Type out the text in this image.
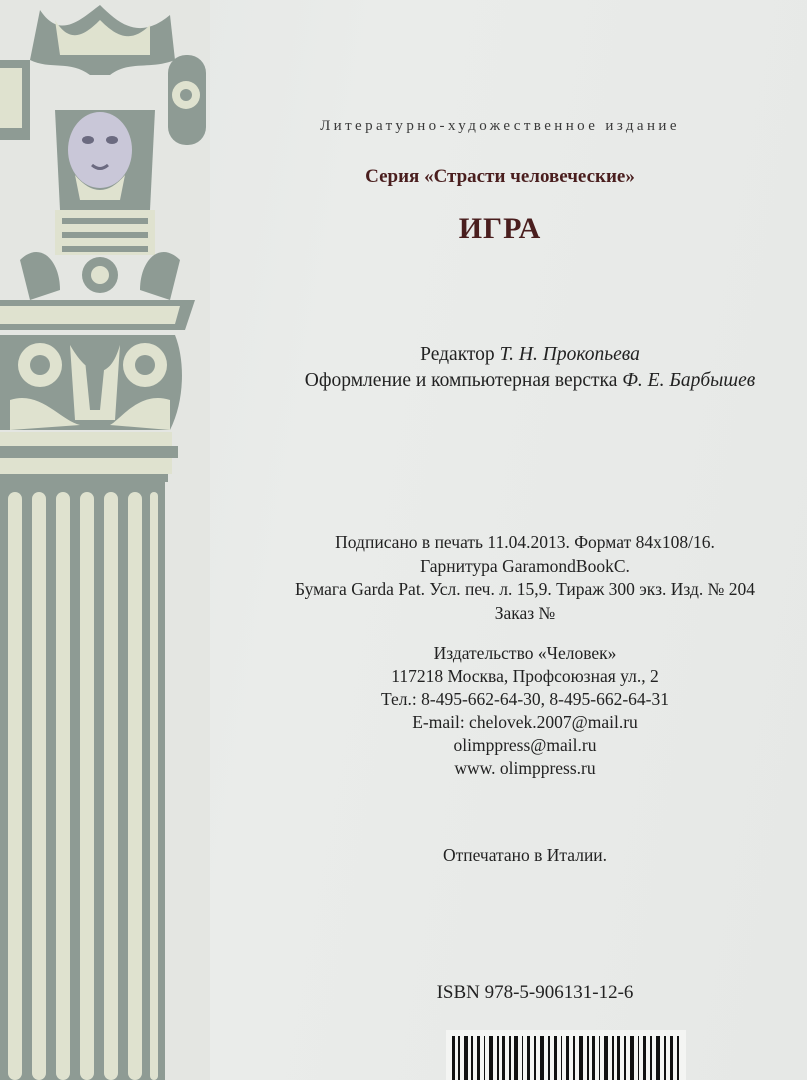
Литературно-художественное издание
Серия «Страсти человеческие»
ИГРА
Редактор Т. Н. Прокопьева
Оформление и компьютерная верстка Ф. Е. Барбышев
Подписано в печать 11.04.2013. Формат 84x108/16.
Гарнитура GaramondBookC.
Бумага Garda Pat. Усл. печ. л. 15,9. Тираж 300 экз. Изд. № 204
Заказ №
Издательство «Человек»
117218 Москва, Профсоюзная ул., 2
Тел.: 8-495-662-64-30, 8-495-662-64-31
E-mail: chelovek.2007@mail.ru
olimppress@mail.ru
www. olimppress.ru
Отпечатано в Италии.
ISBN 978-5-906131-12-6
